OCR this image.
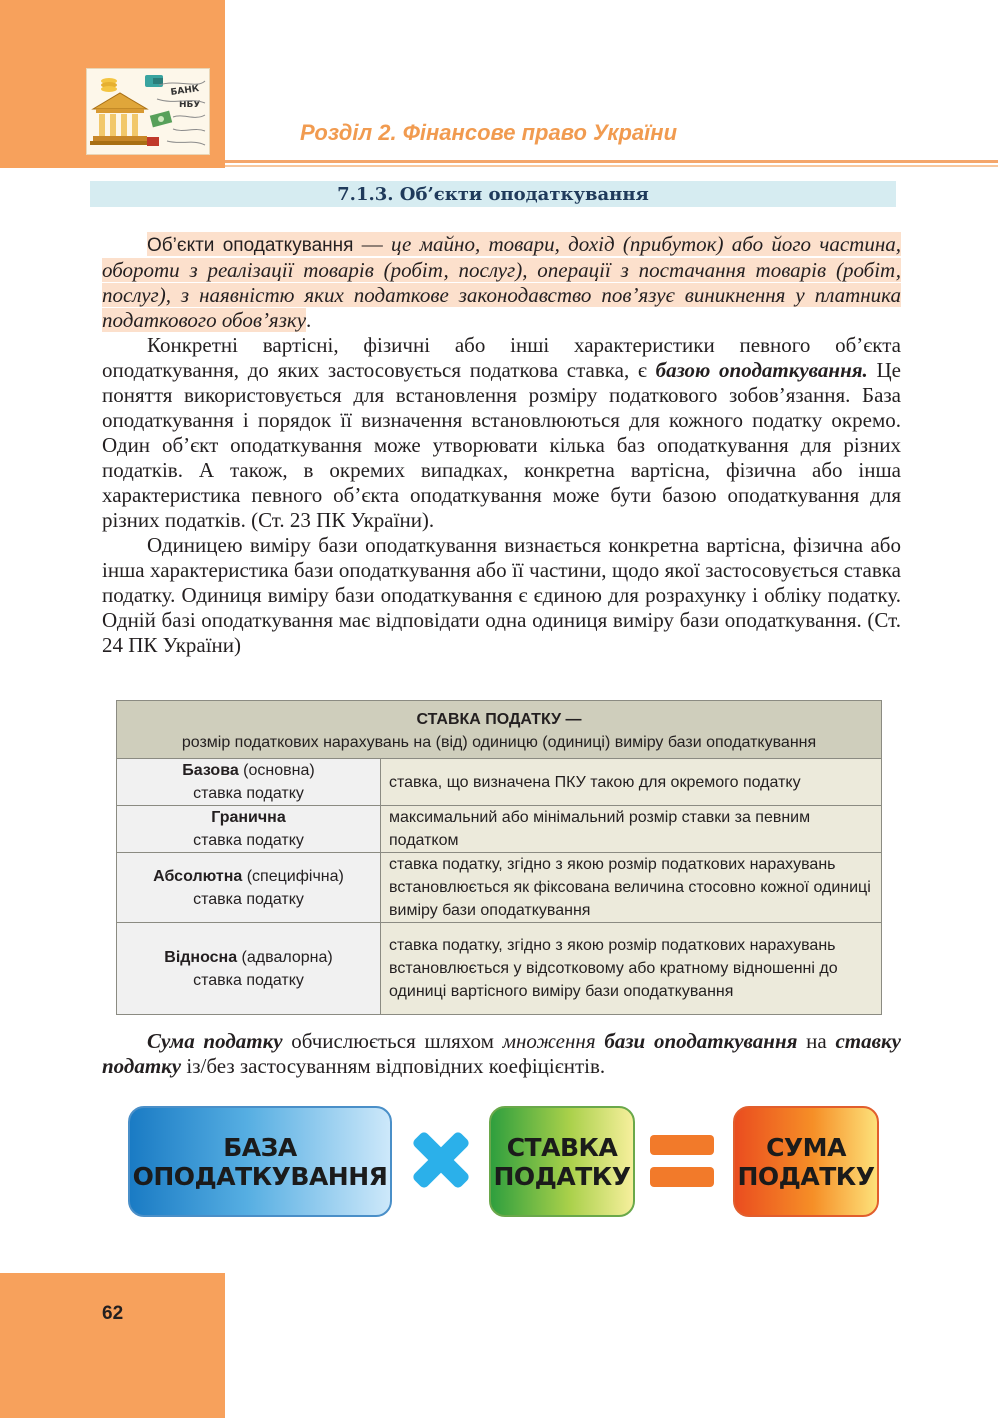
БАНК
НБУ
Розділ 2. Фінансове право України
7.1.3. Об’єкти оподаткування

Об’єкти оподаткування — це майно, товари, дохід (прибуток) або його частина, обороти з реалізації товарів (робіт, послуг), операції з постачання товарів (робіт, послуг), з наявністю яких податкове законодавство пов’язує виникнення у платника податкового обов’язку.

Конкретні вартісні, фізичні або інші характеристики певного об’єкта оподаткування, до яких застосовується податкова ставка, є базою оподаткування. Це поняття використовується для встановлення розміру податкового зобов’язання. База оподаткування і порядок її визначення встановлюються для кожного податку окремо. Один об’єкт оподаткування може утворювати кілька баз оподаткування для різних податків. А також, в окремих випадках, конкретна вартісна, фізична або інша характеристика певного об’єкта оподаткування може бути базою оподаткування для різних податків. (Ст. 23 ПК України).

Одиницею виміру бази оподаткування визнається конкретна вартісна, фізична або інша характеристика бази оподаткування або її частини, щодо якої застосовується ставка податку. Одиниця виміру бази оподаткування є єдиною для розрахунку і обліку податку. Одній базі оподаткування має відповідати одна одиниця виміру бази оподаткування. (Ст. 24 ПК України)

СТАВКА ПОДАТКУ —
розмір податкових нарахувань на (від) одиницю (одиниці) виміру бази оподаткування	
Базова (основна)
ставка податку	ставка, що визначена ПКУ такою для окремого податку
Гранична
ставка податку	максимальний або мінімальний розмір ставки за певним податком
Абсолютна (специфічна)
ставка податку	ставка податку, згідно з якою розмір податкових нарахувань встановлюється як фіксована величина стосовно кожної одиниці виміру бази оподаткування
Відносна (адвалорна)
ставка податку	ставка податку, згідно з якою розмір податкових нарахувань встановлюється у відсотковому або кратному відношенні до одиниці вартісного виміру бази оподаткування

Сума податку обчислюється шляхом множення бази оподаткування на ставку податку із/без застосуванням відповідних коефіцієнтів.

БАЗА
ОПОДАТКУВАННЯ
СТАВКА
ПОДАТКУ
СУМА
ПОДАТКУ

62
